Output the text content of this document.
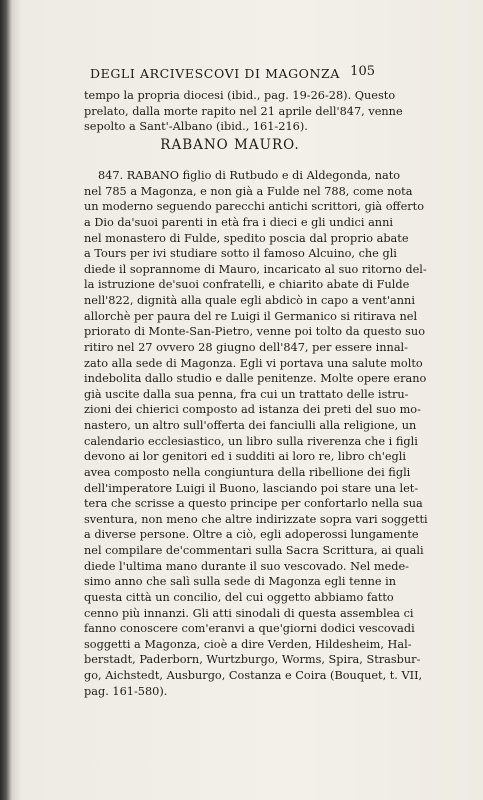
DEGLI ARCIVESCOVI DI MAGONZA 105
tempo la propria diocesi (ibid., pag. 19-26-28). Questo
prelato, dalla morte rapito nel 21 aprile dell'847, venne
sepolto a Sant'-Albano (ibid., 161-216).
RABANO MAURO.
847. RABANO figlio di Rutbudo e di Aldegonda, nato
nel 785 a Magonza, e non già a Fulde nel 788, come nota
un moderno seguendo parecchi antichi scrittori, già offerto
a Dio da'suoi parenti in età fra i dieci e gli undici anni
nel monastero di Fulde, spedito poscia dal proprio abate
a Tours per ivi studiare sotto il famoso Alcuino, che gli
diede il soprannome di Mauro, incaricato al suo ritorno del-
la istruzione de'suoi confratelli, e chiarito abate di Fulde
nell'822, dignità alla quale egli abdicò in capo a vent'anni
allorchè per paura del re Luigi il Germanico si ritirava nel
priorato di Monte-San-Pietro, venne poi tolto da questo suo
ritiro nel 27 ovvero 28 giugno dell'847, per essere innal-
zato alla sede di Magonza. Egli vi portava una salute molto
indebolita dallo studio e dalle penitenze. Molte opere erano
già uscite dalla sua penna, fra cui un trattato delle istru-
zioni dei chierici composto ad istanza dei preti del suo mo-
nastero, un altro sull'offerta dei fanciulli alla religione, un
calendario ecclesiastico, un libro sulla riverenza che i figli
devono ai lor genitori ed i sudditi ai loro re, libro ch'egli
avea composto nella congiuntura della ribellione dei figli
dell'imperatore Luigi il Buono, lasciando poi stare una let-
tera che scrisse a questo principe per confortarlo nella sua
sventura, non meno che altre indirizzate sopra vari soggetti
a diverse persone. Oltre a ciò, egli adoperossi lungamente
nel compilare de'commentari sulla Sacra Scrittura, ai quali
diede l'ultima mano durante il suo vescovado. Nel mede-
simo anno che salì sulla sede di Magonza egli tenne in
questa città un concilio, del cui oggetto abbiamo fatto
cenno più innanzi. Gli atti sinodali di questa assemblea ci
fanno conoscere com'eranvi a que'giorni dodici vescovadi
soggetti a Magonza, cioè a dire Verden, Hildesheim, Hal-
berstadt, Paderborn, Wurtzburgo, Worms, Spira, Strasbur-
go, Aichstedt, Ausburgo, Costanza e Coira (Bouquet, t. VII,
pag. 161-580).
